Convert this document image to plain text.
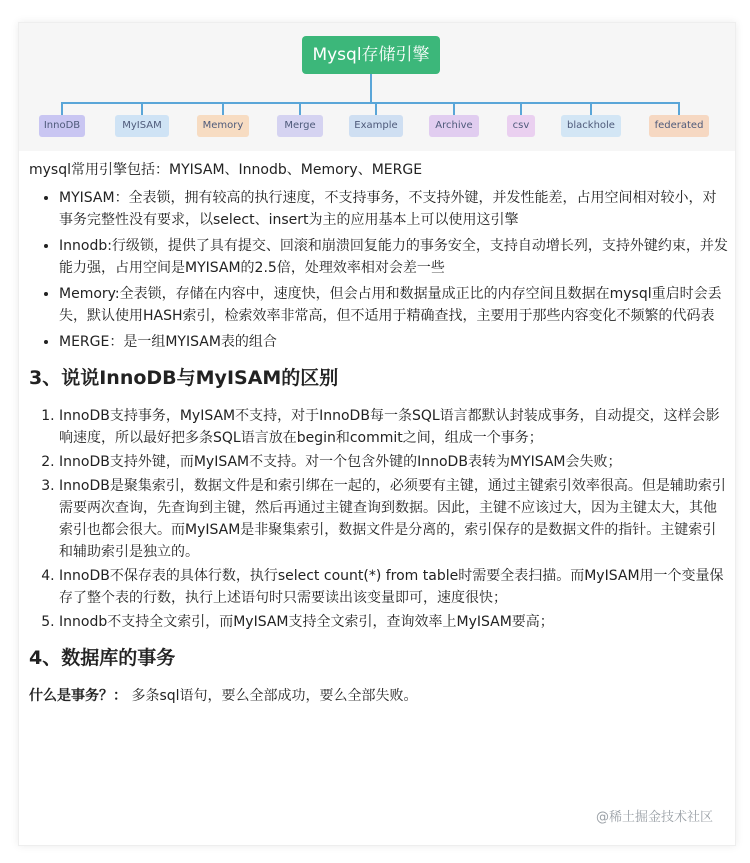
Mysql存储引擎
InnoDB	MyISAM	Memory	Merge	Example	Archive	csv	blackhole	federated

mysql常用引擎包括：MYISAM、Innodb、Memory、MERGE

• MYISAM：全表锁，拥有较高的执行速度，不支持事务，不支持外键，并发性能差，占用空间相对较小，对事务完整性没有要求，以select、insert为主的应用基本上可以使用这引擎
• Innodb:行级锁，提供了具有提交、回滚和崩溃回复能力的事务安全，支持自动增长列，支持外键约束，并发能力强，占用空间是MYISAM的2.5倍，处理效率相对会差一些
• Memory:全表锁，存储在内容中，速度快，但会占用和数据量成正比的内存空间且数据在mysql重启时会丢失，默认使用HASH索引，检索效率非常高，但不适用于精确查找，主要用于那些内容变化不频繁的代码表
• MERGE：是一组MYISAM表的组合
3、说说InnoDB与MyISAM的区别
1. InnoDB支持事务，MyISAM不支持，对于InnoDB每一条SQL语言都默认封装成事务，自动提交，这样会影响速度，所以最好把多条SQL语言放在begin和commit之间，组成一个事务；
2. InnoDB支持外键，而MyISAM不支持。对一个包含外键的InnoDB表转为MYISAM会失败；
3. InnoDB是聚集索引，数据文件是和索引绑在一起的，必须要有主键，通过主键索引效率很高。但是辅助索引需要两次查询，先查询到主键，然后再通过主键查询到数据。因此，主键不应该过大，因为主键太大，其他索引也都会很大。而MyISAM是非聚集索引，数据文件是分离的，索引保存的是数据文件的指针。主键索引和辅助索引是独立的。
4. InnoDB不保存表的具体行数，执行select count(*) from table时需要全表扫描。而MyISAM用一个变量保存了整个表的行数，执行上述语句时只需要读出该变量即可，速度很快；
5. Innodb不支持全文索引，而MyISAM支持全文索引，查询效率上MyISAM要高；
4、数据库的事务

什么是事务？： 多条sql语句，要么全部成功，要么全部失败。

@稀土掘金技术社区
